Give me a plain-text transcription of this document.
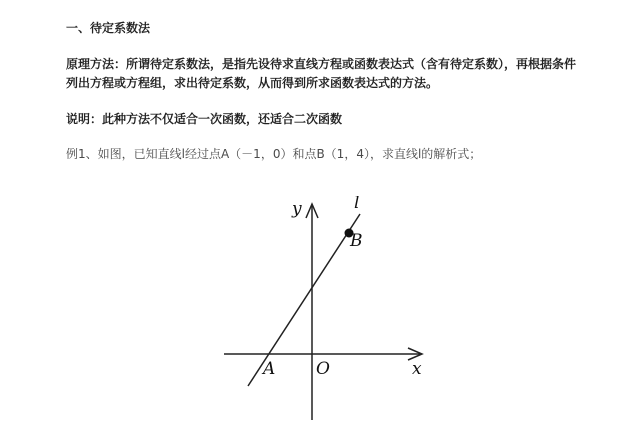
一、待定系数法
原理方法：所谓待定系数法，是指先设待求直线方程或函数表达式（含有待定系数），再根据条件
列出方程或方程组，求出待定系数，从而得到所求函数表达式的方法。
说明：此种方法不仅适合一次函数，还适合二次函数
例1、如图，已知直线l经过点A（－1，0）和点B（1，4），求直线l的解析式；
y	l
B
A O	x
